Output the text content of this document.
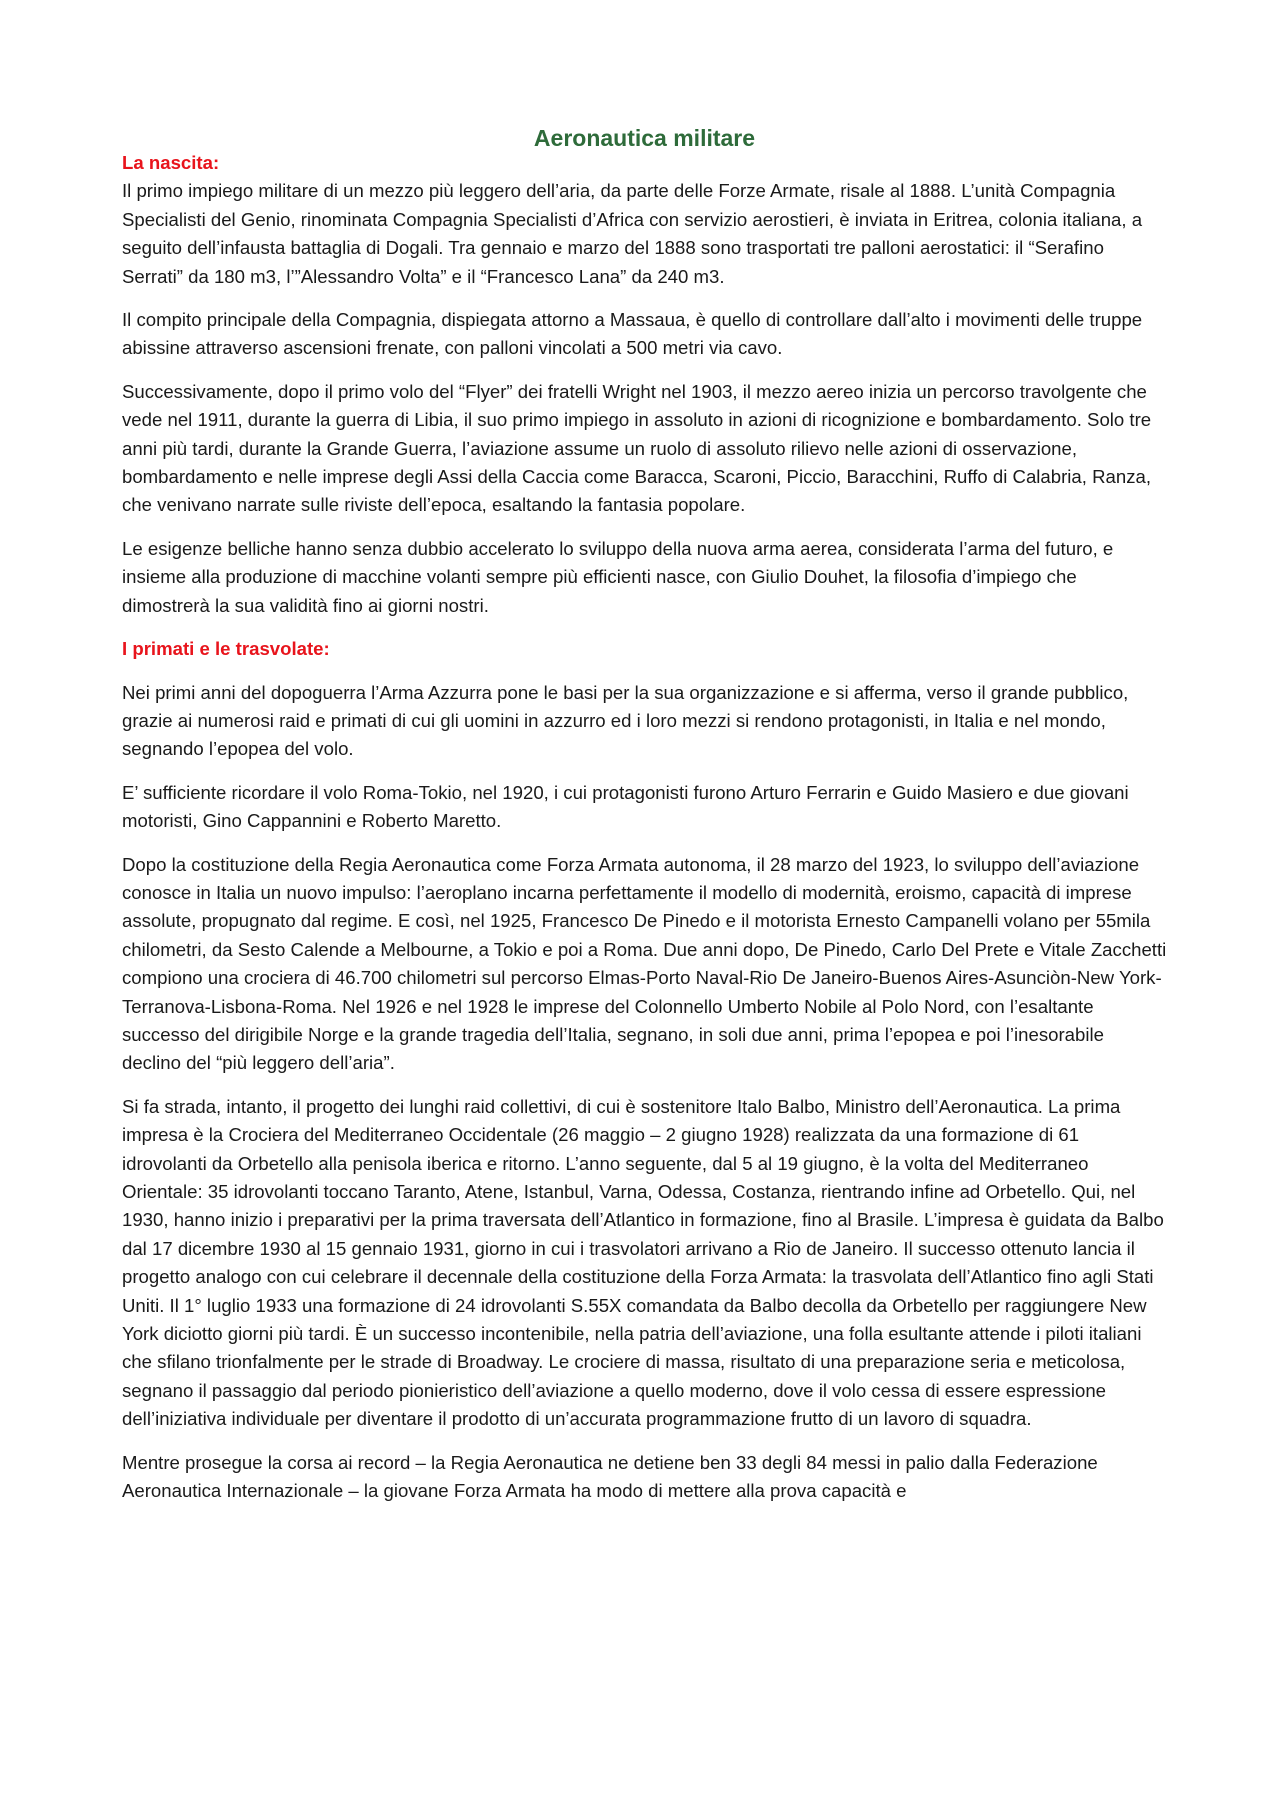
Aeronautica militare
La nascita:

Il primo impiego militare di un mezzo più leggero dell’aria, da parte delle Forze Armate, risale al 1888. L’unità Compagnia Specialisti del Genio, rinominata Compagnia Specialisti d’Africa con servizio aerostieri, è inviata in Eritrea, colonia italiana, a seguito dell’infausta battaglia di Dogali. Tra gennaio e marzo del 1888 sono trasportati tre palloni aerostatici: il “Serafino Serrati” da 180 m3, l’”Alessandro Volta” e il “Francesco Lana” da 240 m3.

Il compito principale della Compagnia, dispiegata attorno a Massaua, è quello di controllare dall’alto i movimenti delle truppe abissine attraverso ascensioni frenate, con palloni vincolati a 500 metri via cavo.

Successivamente, dopo il primo volo del “Flyer” dei fratelli Wright nel 1903, il mezzo aereo inizia un percorso travolgente che vede nel 1911, durante la guerra di Libia, il suo primo impiego in assoluto in azioni di ricognizione e bombardamento. Solo tre anni più tardi, durante la Grande Guerra, l’aviazione assume un ruolo di assoluto rilievo nelle azioni di osservazione, bombardamento e nelle imprese degli Assi della Caccia come Baracca, Scaroni, Piccio, Baracchini, Ruffo di Calabria, Ranza, che venivano narrate sulle riviste dell’epoca, esaltando la fantasia popolare.

Le esigenze belliche hanno senza dubbio accelerato lo sviluppo della nuova arma aerea, considerata l’arma del futuro, e insieme alla produzione di macchine volanti sempre più efficienti nasce, con Giulio Douhet, la filosofia d’impiego che dimostrerà la sua validità fino ai giorni nostri.

I primati e le trasvolate:

Nei primi anni del dopoguerra l’Arma Azzurra pone le basi per la sua organizzazione e si afferma, verso il grande pubblico, grazie ai numerosi raid e primati di cui gli uomini in azzurro ed i loro mezzi si rendono protagonisti, in Italia e nel mondo, segnando l’epopea del volo.

E’ sufficiente ricordare il volo Roma-Tokio, nel 1920, i cui protagonisti furono Arturo Ferrarin e Guido Masiero e due giovani motoristi, Gino Cappannini e Roberto Maretto.

Dopo la costituzione della Regia Aeronautica come Forza Armata autonoma, il 28 marzo del 1923, lo sviluppo dell’aviazione conosce in Italia un nuovo impulso: l’aeroplano incarna perfettamente il modello di modernità, eroismo, capacità di imprese assolute, propugnato dal regime. E così, nel 1925, Francesco De Pinedo e il motorista Ernesto Campanelli volano per 55mila chilometri, da Sesto Calende a Melbourne, a Tokio e poi a Roma. Due anni dopo, De Pinedo, Carlo Del Prete e Vitale Zacchetti compiono una crociera di 46.700 chilometri sul percorso Elmas-Porto Naval-Rio De Janeiro-Buenos Aires-Asunciòn-New York-Terranova-Lisbona-Roma. Nel 1926 e nel 1928 le imprese del Colonnello Umberto Nobile al Polo Nord, con l’esaltante successo del dirigibile Norge e la grande tragedia dell’Italia, segnano, in soli due anni, prima l’epopea e poi l’inesorabile declino del “più leggero dell’aria”.

Si fa strada, intanto, il progetto dei lunghi raid collettivi, di cui è sostenitore Italo Balbo, Ministro dell’Aeronautica. La prima impresa è la Crociera del Mediterraneo Occidentale (26 maggio – 2 giugno 1928) realizzata da una formazione di 61 idrovolanti da Orbetello alla penisola iberica e ritorno. L’anno seguente, dal 5 al 19 giugno, è la volta del Mediterraneo Orientale: 35 idrovolanti toccano Taranto, Atene, Istanbul, Varna, Odessa, Costanza, rientrando infine ad Orbetello. Qui, nel 1930, hanno inizio i preparativi per la prima traversata dell’Atlantico in formazione, fino al Brasile. L’impresa è guidata da Balbo dal 17 dicembre 1930 al 15 gennaio 1931, giorno in cui i trasvolatori arrivano a Rio de Janeiro. Il successo ottenuto lancia il progetto analogo con cui celebrare il decennale della costituzione della Forza Armata: la trasvolata dell’Atlantico fino agli Stati Uniti. Il 1° luglio 1933 una formazione di 24 idrovolanti S.55X comandata da Balbo decolla da Orbetello per raggiungere New York diciotto giorni più tardi. È un successo incontenibile, nella patria dell’aviazione, una folla esultante attende i piloti italiani che sfilano trionfalmente per le strade di Broadway. Le crociere di massa, risultato di una preparazione seria e meticolosa, segnano il passaggio dal periodo pionieristico dell’aviazione a quello moderno, dove il volo cessa di essere espressione dell’iniziativa individuale per diventare il prodotto di un’accurata programmazione frutto di un lavoro di squadra.

Mentre prosegue la corsa ai record – la Regia Aeronautica ne detiene ben 33 degli 84 messi in palio dalla Federazione Aeronautica Internazionale – la giovane Forza Armata ha modo di mettere alla prova capacità e
